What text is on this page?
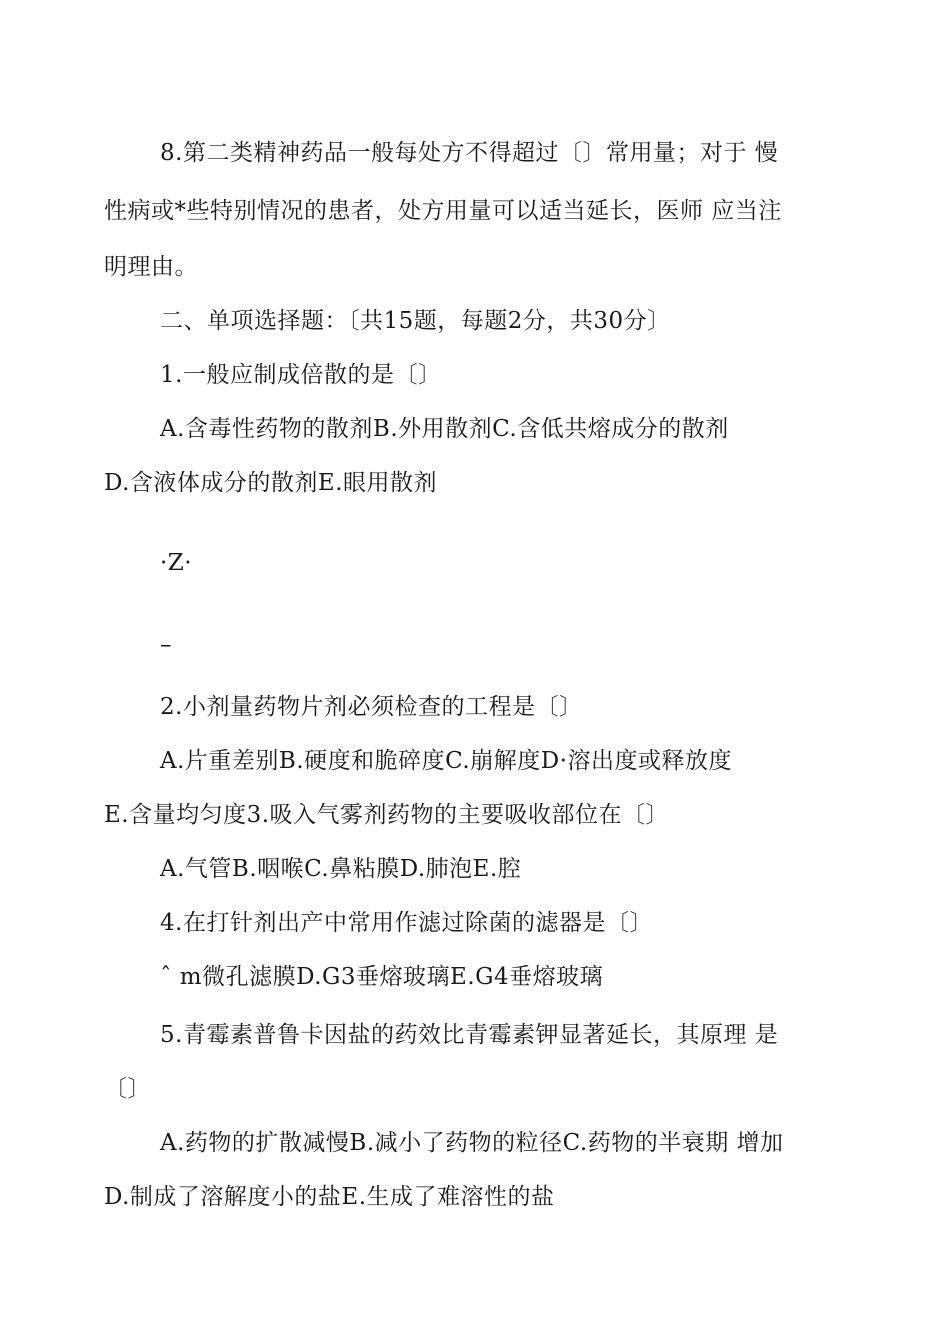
8.第二类精神药品一般每处方不得超过〔〕常用量；对于 慢
性病或*些特别情况的患者，处方用量可以适当延长，医师 应当注
明理由。
二、单项选择题：〔共15题，每题2分，共30分〕
1.一般应制成倍散的是〔〕
A.含毒性药物的散剂B.外用散剂C.含低共熔成分的散剂
D.含液体成分的散剂E.眼用散剂
·Z·
–
2.小剂量药物片剂必须检查的工程是〔〕
A.片重差别B.硬度和脆碎度C.崩解度D·溶出度或释放度
E.含量均匀度3.吸入气雾剂药物的主要吸收部位在〔〕
A.气管B.咽喉C.鼻粘膜D.肺泡E.腔
4.在打针剂出产中常用作滤过除菌的滤器是〔〕
ˆ m微孔滤膜D.G3垂熔玻璃E.G4垂熔玻璃
5.青霉素普鲁卡因盐的药效比青霉素钾显著延长，其原理 是
〔〕
A.药物的扩散减慢B.减小了药物的粒径C.药物的半衰期 增加
D.制成了溶解度小的盐E.生成了难溶性的盐
